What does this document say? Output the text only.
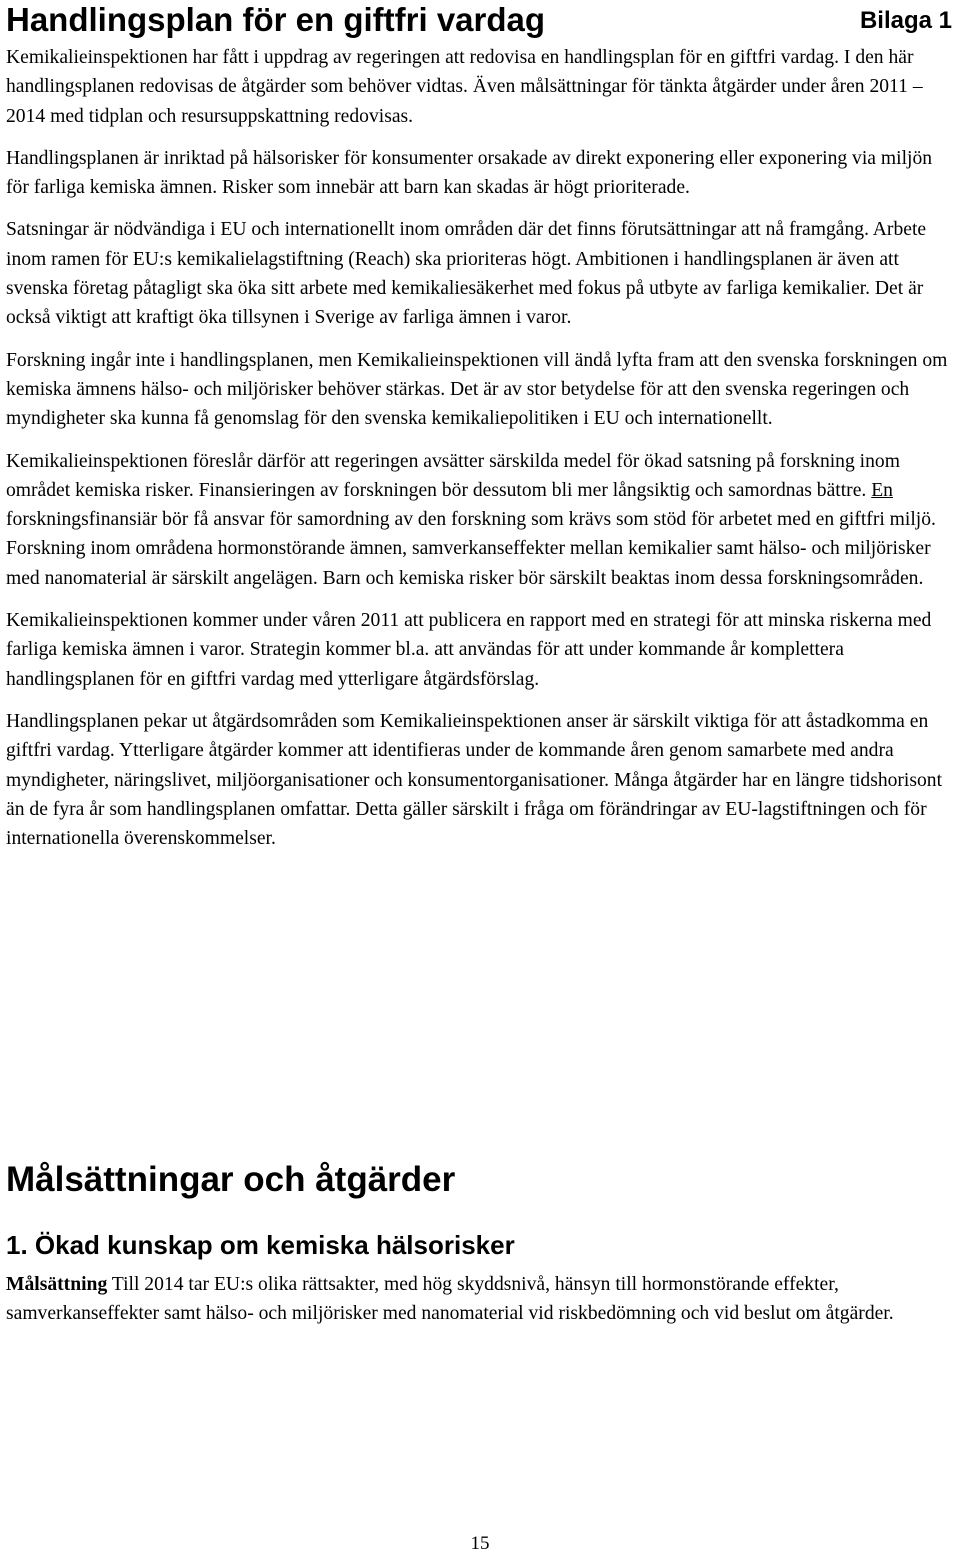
Handlingsplan för en giftfri vardag	Bilaga 1

Kemikalieinspektionen har fått i uppdrag av regeringen att redovisa en handlingsplan för en giftfri vardag. I den här handlingsplanen redovisas de åtgärder som behöver vidtas. Även målsättningar för tänkta åtgärder under åren 2011 – 2014 med tidplan och resursuppskattning redovisas.

Handlingsplanen är inriktad på hälsorisker för konsumenter orsakade av direkt exponering eller exponering via miljön för farliga kemiska ämnen. Risker som innebär att barn kan skadas är högt prioriterade.

Satsningar är nödvändiga i EU och internationellt inom områden där det finns förutsättningar att nå framgång. Arbete inom ramen för EU:s kemikalielagstiftning (Reach) ska prioriteras högt. Ambitionen i handlingsplanen är även att svenska företag påtagligt ska öka sitt arbete med kemikaliesäkerhet med fokus på utbyte av farliga kemikalier. Det är också viktigt att kraftigt öka tillsynen i Sverige av farliga ämnen i varor.

Forskning ingår inte i handlingsplanen, men Kemikalieinspektionen vill ändå lyfta fram att den svenska forskningen om kemiska ämnens hälso- och miljörisker behöver stärkas. Det är av stor betydelse för att den svenska regeringen och myndigheter ska kunna få genomslag för den svenska kemikaliepolitiken i EU och internationellt.

Kemikalieinspektionen föreslår därför att regeringen avsätter särskilda medel för ökad satsning på forskning inom området kemiska risker. Finansieringen av forskningen bör dessutom bli mer långsiktig och samordnas bättre. En forskningsfinansiär bör få ansvar för samordning av den forskning som krävs som stöd för arbetet med en giftfri miljö. Forskning inom områdena hormonstörande ämnen, samverkanseffekter mellan kemikalier samt hälso- och miljörisker med nanomaterial är särskilt angelägen. Barn och kemiska risker bör särskilt beaktas inom dessa forskningsområden.

Kemikalieinspektionen kommer under våren 2011 att publicera en rapport med en strategi för att minska riskerna med farliga kemiska ämnen i varor. Strategin kommer bl.a. att användas för att under kommande år komplettera handlingsplanen för en giftfri vardag med ytterligare åtgärdsförslag.

Handlingsplanen pekar ut åtgärdsområden som Kemikalieinspektionen anser är särskilt viktiga för att åstadkomma en giftfri vardag. Ytterligare åtgärder kommer att identifieras under de kommande åren genom samarbete med andra myndigheter, näringslivet, miljöorganisationer och konsumentorganisationer. Många åtgärder har en längre tidshorisont än de fyra år som handlingsplanen omfattar. Detta gäller särskilt i fråga om förändringar av EU-lagstiftningen och för internationella överenskommelser.

Målsättningar och åtgärder
1. Ökad kunskap om kemiska hälsorisker

Målsättning Till 2014 tar EU:s olika rättsakter, med hög skyddsnivå, hänsyn till hormonstörande effekter, samverkanseffekter samt hälso- och miljörisker med nanomaterial vid riskbedömning och vid beslut om åtgärder.

15
